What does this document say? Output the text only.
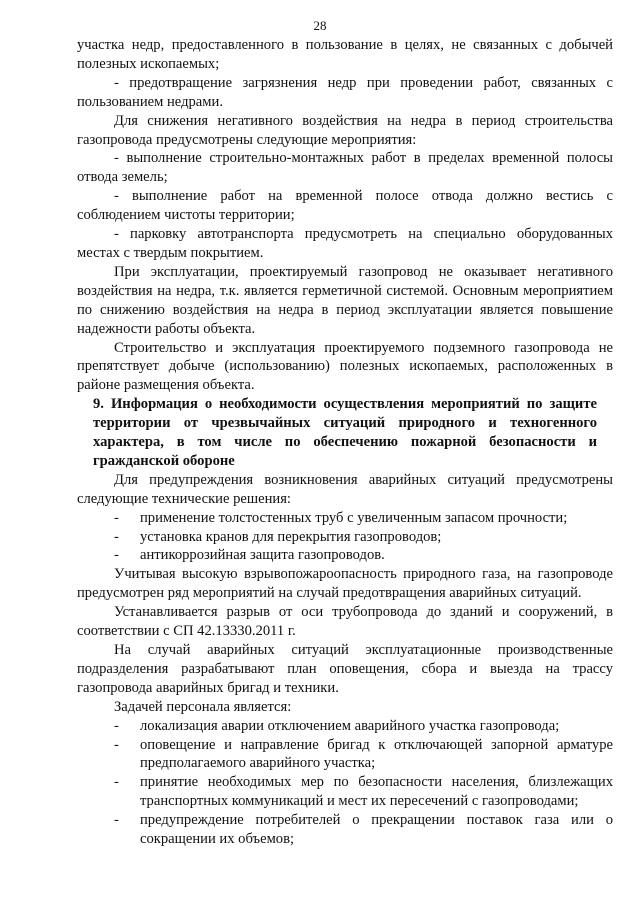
28

участка недр, предоставленного в пользование в целях, не связанных с добычей полезных ископаемых;

- предотвращение загрязнения недр при проведении работ, связанных с пользованием недрами.

Для снижения негативного воздействия на недра в период строительства газопровода предусмотрены следующие мероприятия:

- выполнение строительно-монтажных работ в пределах временной полосы отвода земель;

- выполнение работ на временной полосе отвода должно вестись с соблюдением чистоты территории;

- парковку автотранспорта предусмотреть на специально оборудованных местах с твердым покрытием.

При эксплуатации, проектируемый газопровод не оказывает негативного воздействия на недра, т.к. является герметичной системой. Основным мероприятием по снижению воздействия на недра в период эксплуатации является повышение надежности работы объекта.

Строительство и эксплуатация проектируемого подземного газопровода не препятствует добыче (использованию) полезных ископаемых, расположенных в районе размещения объекта.

9. Информация о необходимости осуществления мероприятий по защите территории от чрезвычайных ситуаций природного и техногенного характера, в том числе по обеспечению пожарной безопасности и гражданской обороне

Для предупреждения возникновения аварийных ситуаций предусмотрены следующие технические решения:

-	применение толстостенных труб с увеличенным запасом прочности;
-	установка кранов для перекрытия газопроводов;
-	антикоррозийная защита газопроводов.

Учитывая высокую взрывопожароопасность природного газа, на газопроводе предусмотрен ряд мероприятий на случай предотвращения аварийных ситуаций.

Устанавливается разрыв от оси трубопровода до зданий и сооружений, в соответствии с СП 42.13330.2011 г.

На случай аварийных ситуаций эксплуатационные производственные подразделения разрабатывают план оповещения, сбора и выезда на трассу газопровода аварийных бригад и техники.

Задачей персонала является:

-	локализация аварии отключением аварийного участка газопровода;
-	оповещение и направление бригад к отключающей запорной арматуре предполагаемого аварийного участка;
-	принятие необходимых мер по безопасности населения, близлежащих транспортных коммуникаций и мест их пересечений с газопроводами;
-	предупреждение потребителей о прекращении поставок газа или о сокращении их объемов;
